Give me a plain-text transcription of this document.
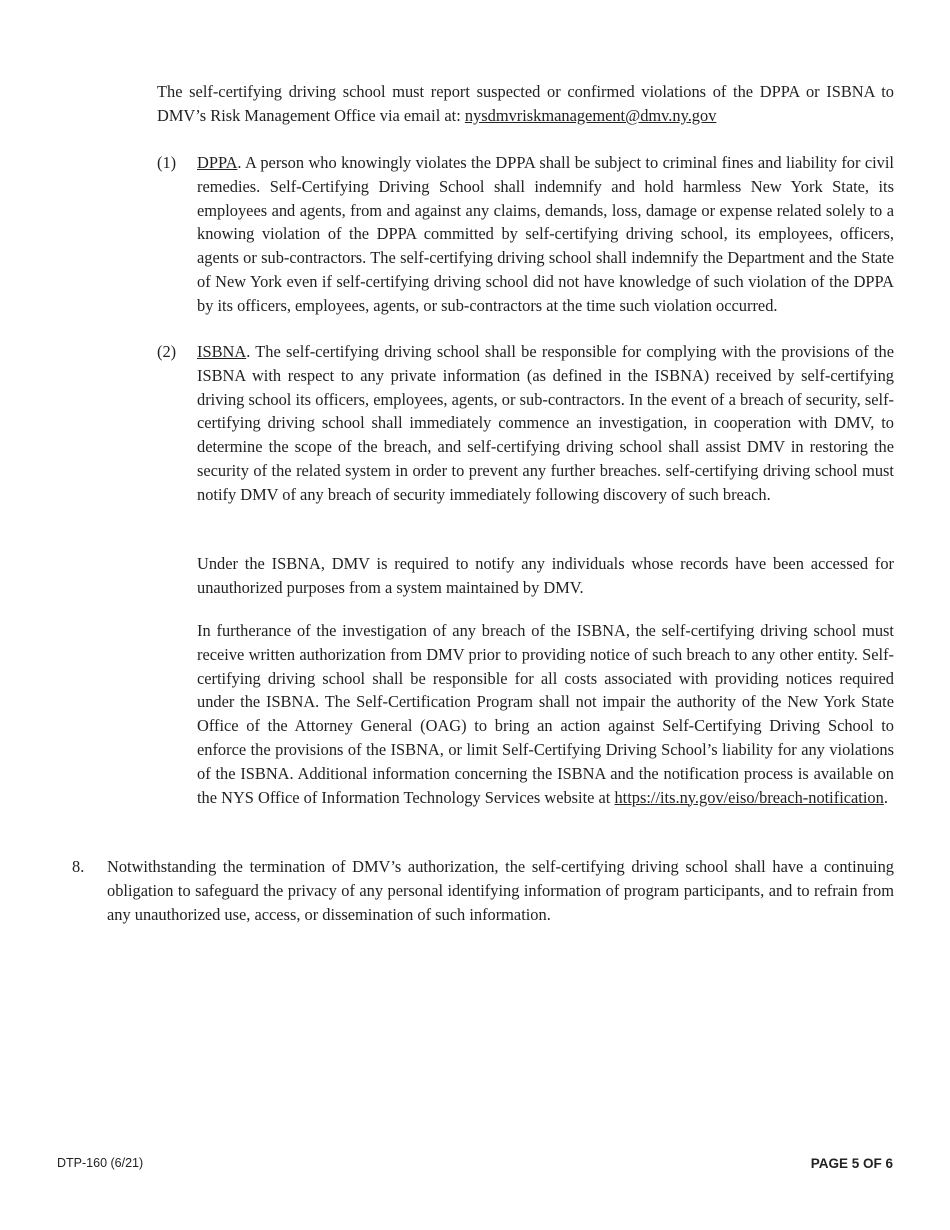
The self-certifying driving school must report suspected or confirmed violations of the DPPA or ISBNA to DMV’s Risk Management Office via email at: nysdmvriskmanagement@dmv.ny.gov

(1) DPPA. A person who knowingly violates the DPPA shall be subject to criminal fines and liability for civil remedies. Self-Certifying Driving School shall indemnify and hold harmless New York State, its employees and agents, from and against any claims, demands, loss, damage or expense related solely to a knowing violation of the DPPA committed by self-certifying driving school, its employees, officers, agents or sub-contractors. The self-certifying driving school shall indemnify the Department and the State of New York even if self-certifying driving school did not have knowledge of such violation of the DPPA by its officers, employees, agents, or sub-contractors at the time such violation occurred.

(2) ISBNA. The self-certifying driving school shall be responsible for complying with the provisions of the ISBNA with respect to any private information (as defined in the ISBNA) received by self-certifying driving school its officers, employees, agents, or sub-contractors. In the event of a breach of security, self-certifying driving school shall immediately commence an investigation, in cooperation with DMV, to determine the scope of the breach, and self-certifying driving school shall assist DMV in restoring the security of the related system in order to prevent any further breaches. self-certifying driving school must notify DMV of any breach of security immediately following discovery of such breach.

Under the ISBNA, DMV is required to notify any individuals whose records have been accessed for unauthorized purposes from a system maintained by DMV.

In furtherance of the investigation of any breach of the ISBNA, the self-certifying driving school must receive written authorization from DMV prior to providing notice of such breach to any other entity. Self-certifying driving school shall be responsible for all costs associated with providing notices required under the ISBNA. The Self-Certification Program shall not impair the authority of the New York State Office of the Attorney General (OAG) to bring an action against Self-Certifying Driving School to enforce the provisions of the ISBNA, or limit Self-Certifying Driving School’s liability for any violations of the ISBNA. Additional information concerning the ISBNA and the notification process is available on the NYS Office of Information Technology Services website at https://its.ny.gov/eiso/breach-notification.

8. Notwithstanding the termination of DMV’s authorization, the self-certifying driving school shall have a continuing obligation to safeguard the privacy of any personal identifying information of program participants, and to refrain from any unauthorized use, access, or dissemination of such information.

DTP-160 (6/21)	PAGE 5 OF 6
